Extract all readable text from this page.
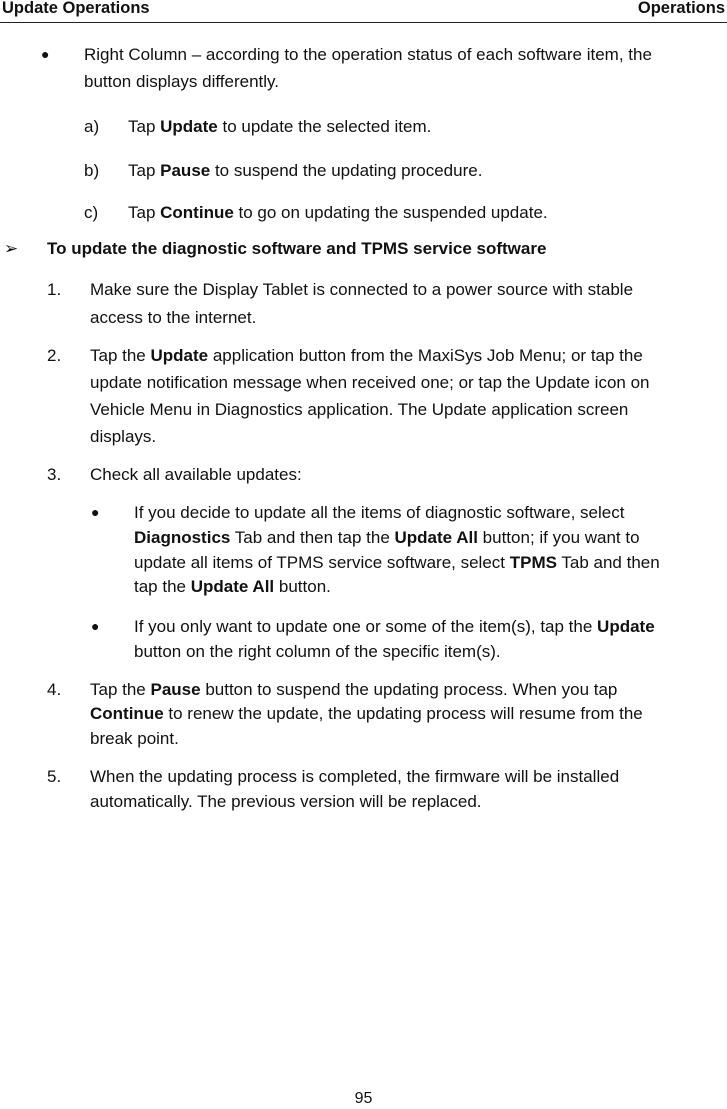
Update Operations	Operations
● Right Column – according to the operation status of each software item, the
button displays differently.
a) Tap Update to update the selected item.
b) Tap Pause to suspend the updating procedure.
c) Tap Continue to go on updating the suspended update.
➢ To update the diagnostic software and TPMS service software
1. Make sure the Display Tablet is connected to a power source with stable
access to the internet.
2. Tap the Update application button from the MaxiSys Job Menu; or tap the
update notification message when received one; or tap the Update icon on
Vehicle Menu in Diagnostics application. The Update application screen
displays.
3. Check all available updates:
● If you decide to update all the items of diagnostic software, select
Diagnostics Tab and then tap the Update All button; if you want to
update all items of TPMS service software, select TPMS Tab and then
tap the Update All button.
● If you only want to update one or some of the item(s), tap the Update
button on the right column of the specific item(s).
4. Tap the Pause button to suspend the updating process. When you tap
Continue to renew the update, the updating process will resume from the
break point.
5. When the updating process is completed, the firmware will be installed
automatically. The previous version will be replaced.
95
